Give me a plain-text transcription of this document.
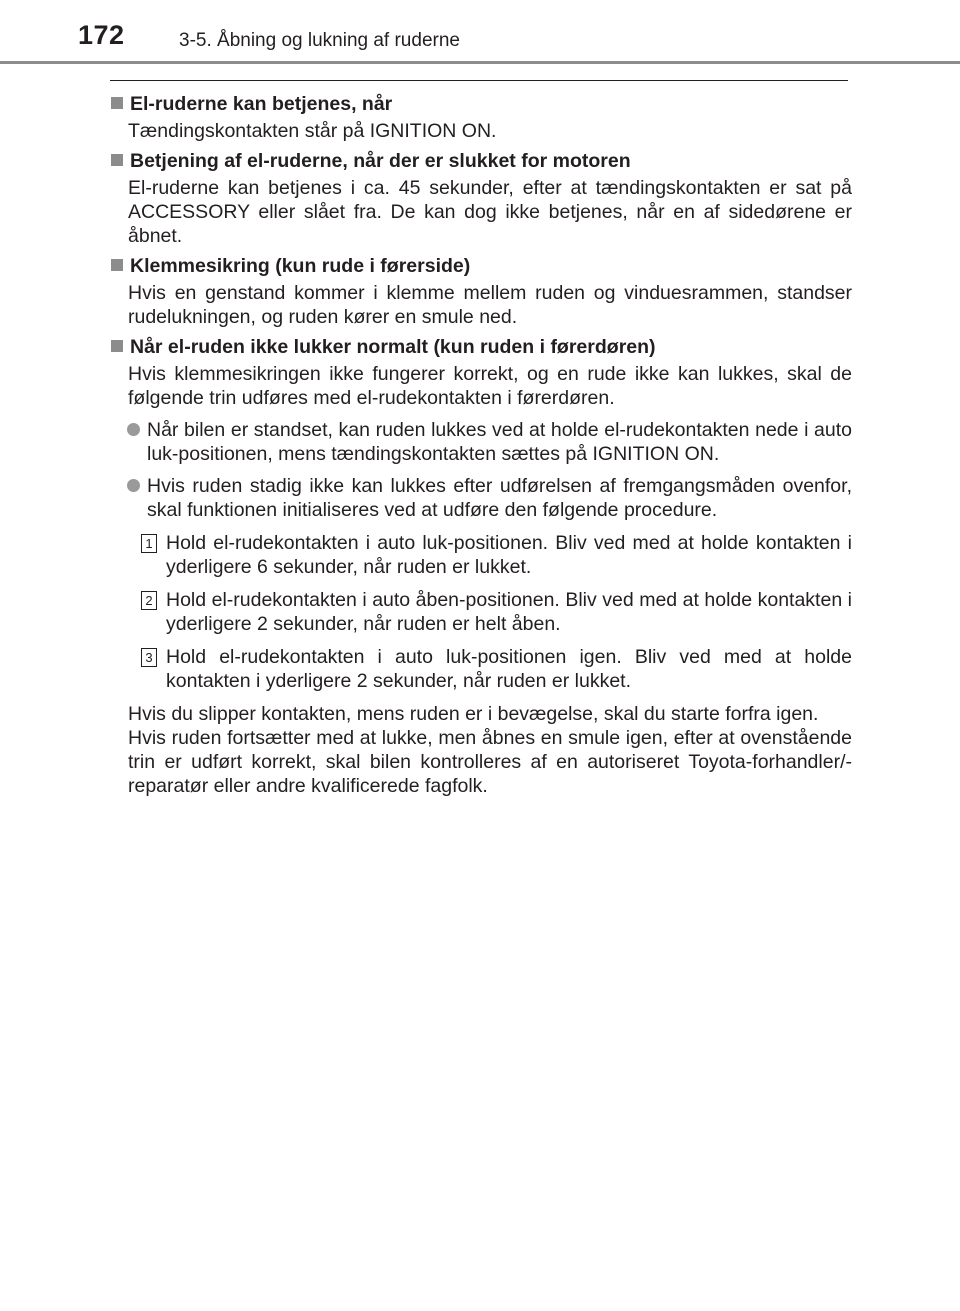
172	3-5. Åbning og lukning af ruderne
El-ruderne kan betjenes, når
Tændingskontakten står på IGNITION ON.
Betjening af el-ruderne, når der er slukket for motoren
El-ruderne kan betjenes i ca. 45 sekunder, efter at tændingskontakten er sat på ACCESSORY eller slået fra. De kan dog ikke betjenes, når en af sidedørene er åbnet.
Klemmesikring (kun rude i førerside)
Hvis en genstand kommer i klemme mellem ruden og vinduesrammen, standser rudelukningen, og ruden kører en smule ned.
Når el-ruden ikke lukker normalt (kun ruden i førerdøren)
Hvis klemmesikringen ikke fungerer korrekt, og en rude ikke kan lukkes, skal de følgende trin udføres med el-rudekontakten i førerdøren.
Når bilen er standset, kan ruden lukkes ved at holde el-rudekontakten nede i auto luk-positionen, mens tændingskontakten sættes på IGNITION ON.
Hvis ruden stadig ikke kan lukkes efter udførelsen af fremgangsmåden ovenfor, skal funktionen initialiseres ved at udføre den følgende procedure.
1 Hold el-rudekontakten i auto luk-positionen. Bliv ved med at holde kontakten i yderligere 6 sekunder, når ruden er lukket.
2 Hold el-rudekontakten i auto åben-positionen. Bliv ved med at holde kontakten i yderligere 2 sekunder, når ruden er helt åben.
3 Hold el-rudekontakten i auto luk-positionen igen. Bliv ved med at holde kontakten i yderligere 2 sekunder, når ruden er lukket.
Hvis du slipper kontakten, mens ruden er i bevægelse, skal du starte forfra igen.
Hvis ruden fortsætter med at lukke, men åbnes en smule igen, efter at ovenstående trin er udført korrekt, skal bilen kontrolleres af en autoriseret Toyota-forhandler/-reparatør eller andre kvalificerede fagfolk.
